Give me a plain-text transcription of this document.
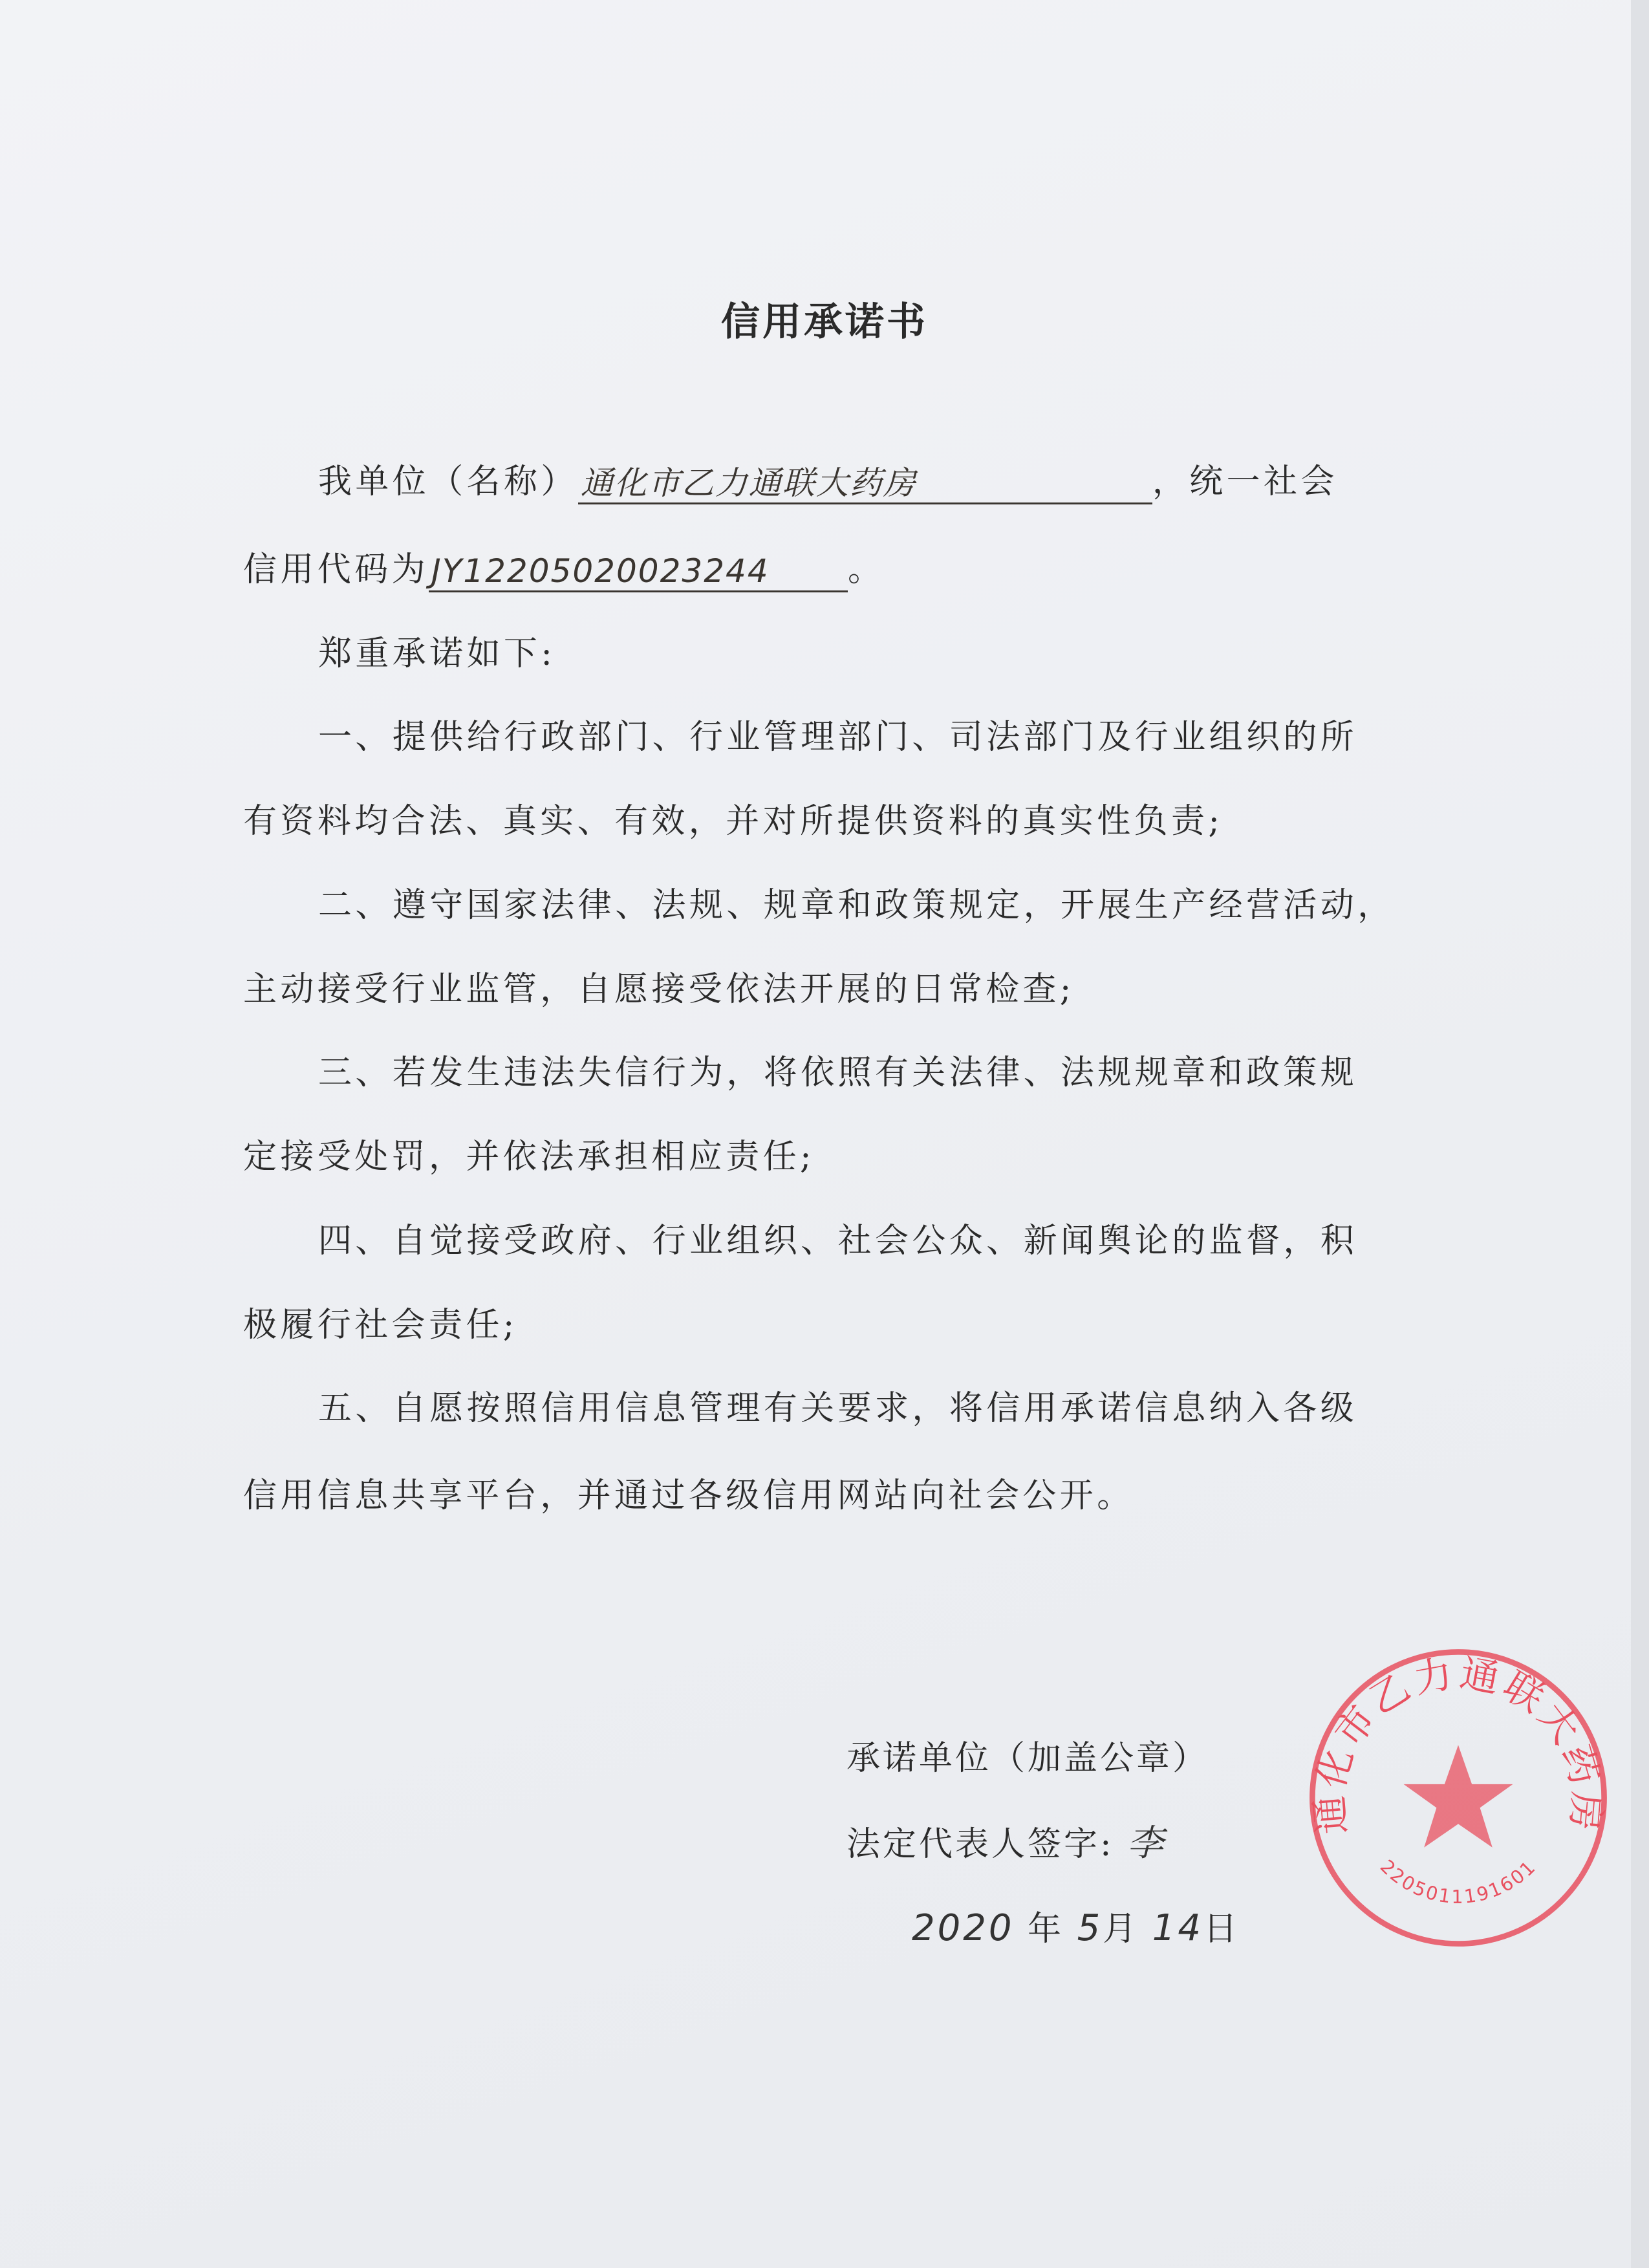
信用承诺书
我单位（名称）通化市乙力通联大药房	，统一社会
信用代码为JY12205020023244 。
郑重承诺如下:
一、提供给行政部门、行业管理部门、司法部门及行业组织的所
有资料均合法、真实、有效，并对所提供资料的真实性负责;
二、遵守国家法律、法规、规章和政策规定，开展生产经营活动，
主动接受行业监管，自愿接受依法开展的日常检查;
三、若发生违法失信行为，将依照有关法律、法规规章和政策规
定接受处罚，并依法承担相应责任;
四、自觉接受政府、行业组织、社会公众、新闻舆论的监督，积
极履行社会责任;
五、自愿按照信用信息管理有关要求，将信用承诺信息纳入各级
信用信息共享平台，并通过各级信用网站向社会公开。
通化市乙力通联大药房
2205011191601
承诺单位（加盖公章）
法定代表人签字: 李
2020 年 5月 14日
